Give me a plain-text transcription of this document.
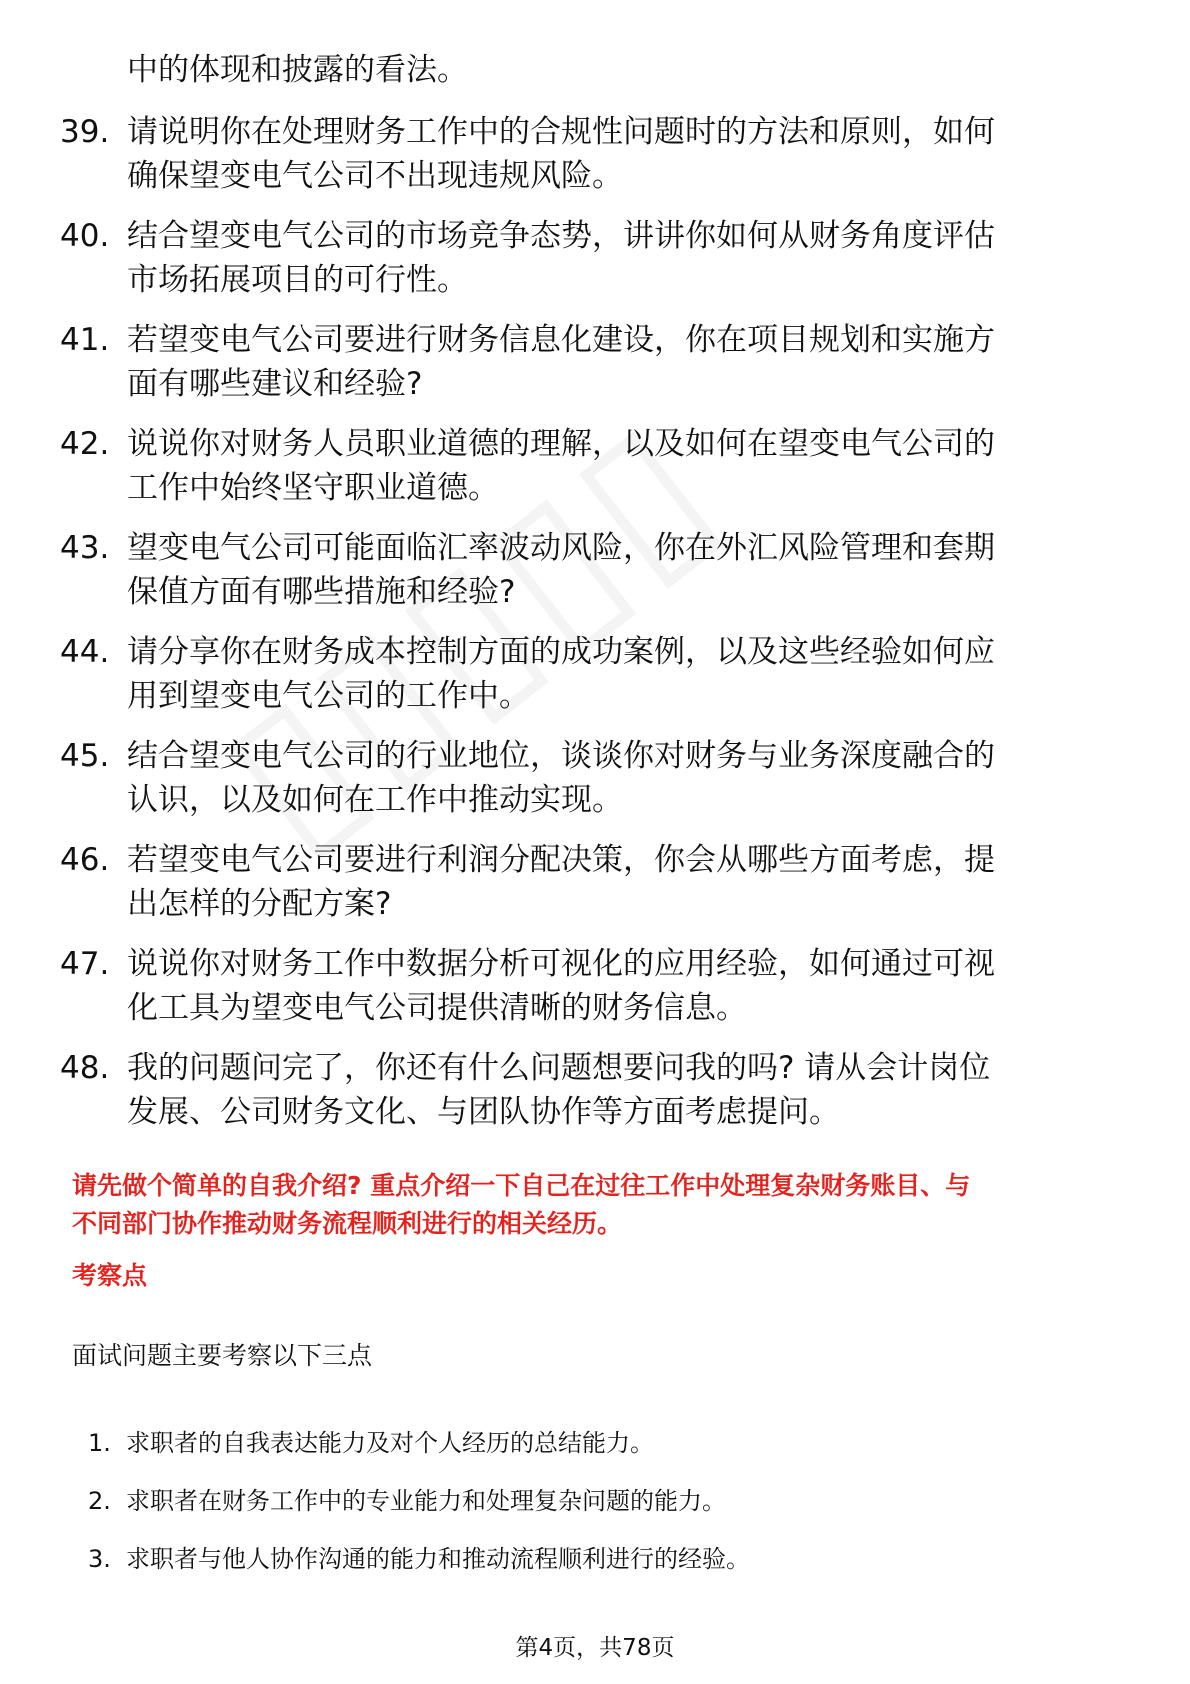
中的体现和披露的看法。
39. 请说明你在处理财务工作中的合规性问题时的方法和原则，如何
确保望变电气公司不出现违规风险。
40. 结合望变电气公司的市场竞争态势，讲讲你如何从财务角度评估
市场拓展项目的可行性。
41. 若望变电气公司要进行财务信息化建设，你在项目规划和实施方
面有哪些建议和经验?
42. 说说你对财务人员职业道德的理解，以及如何在望变电气公司的
工作中始终坚守职业道德。
43. 望变电气公司可能面临汇率波动风险，你在外汇风险管理和套期
保值方面有哪些措施和经验?
44. 请分享你在财务成本控制方面的成功案例，以及这些经验如何应
用到望变电气公司的工作中。
45. 结合望变电气公司的行业地位，谈谈你对财务与业务深度融合的
认识，以及如何在工作中推动实现。
46. 若望变电气公司要进行利润分配决策，你会从哪些方面考虑，提
出怎样的分配方案?
47. 说说你对财务工作中数据分析可视化的应用经验，如何通过可视
化工具为望变电气公司提供清晰的财务信息。
48. 我的问题问完了，你还有什么问题想要问我的吗? 请从会计岗位
发展、公司财务文化、与团队协作等方面考虑提问。
请先做个简单的自我介绍? 重点介绍一下自己在过往工作中处理复杂财务账目、与
不同部门协作推动财务流程顺利进行的相关经历。
考察点
面试问题主要考察以下三点
1. 求职者的自我表达能力及对个人经历的总结能力。
2. 求职者在财务工作中的专业能力和处理复杂问题的能力。
3. 求职者与他人协作沟通的能力和推动流程顺利进行的经验。
第4页，共78页
